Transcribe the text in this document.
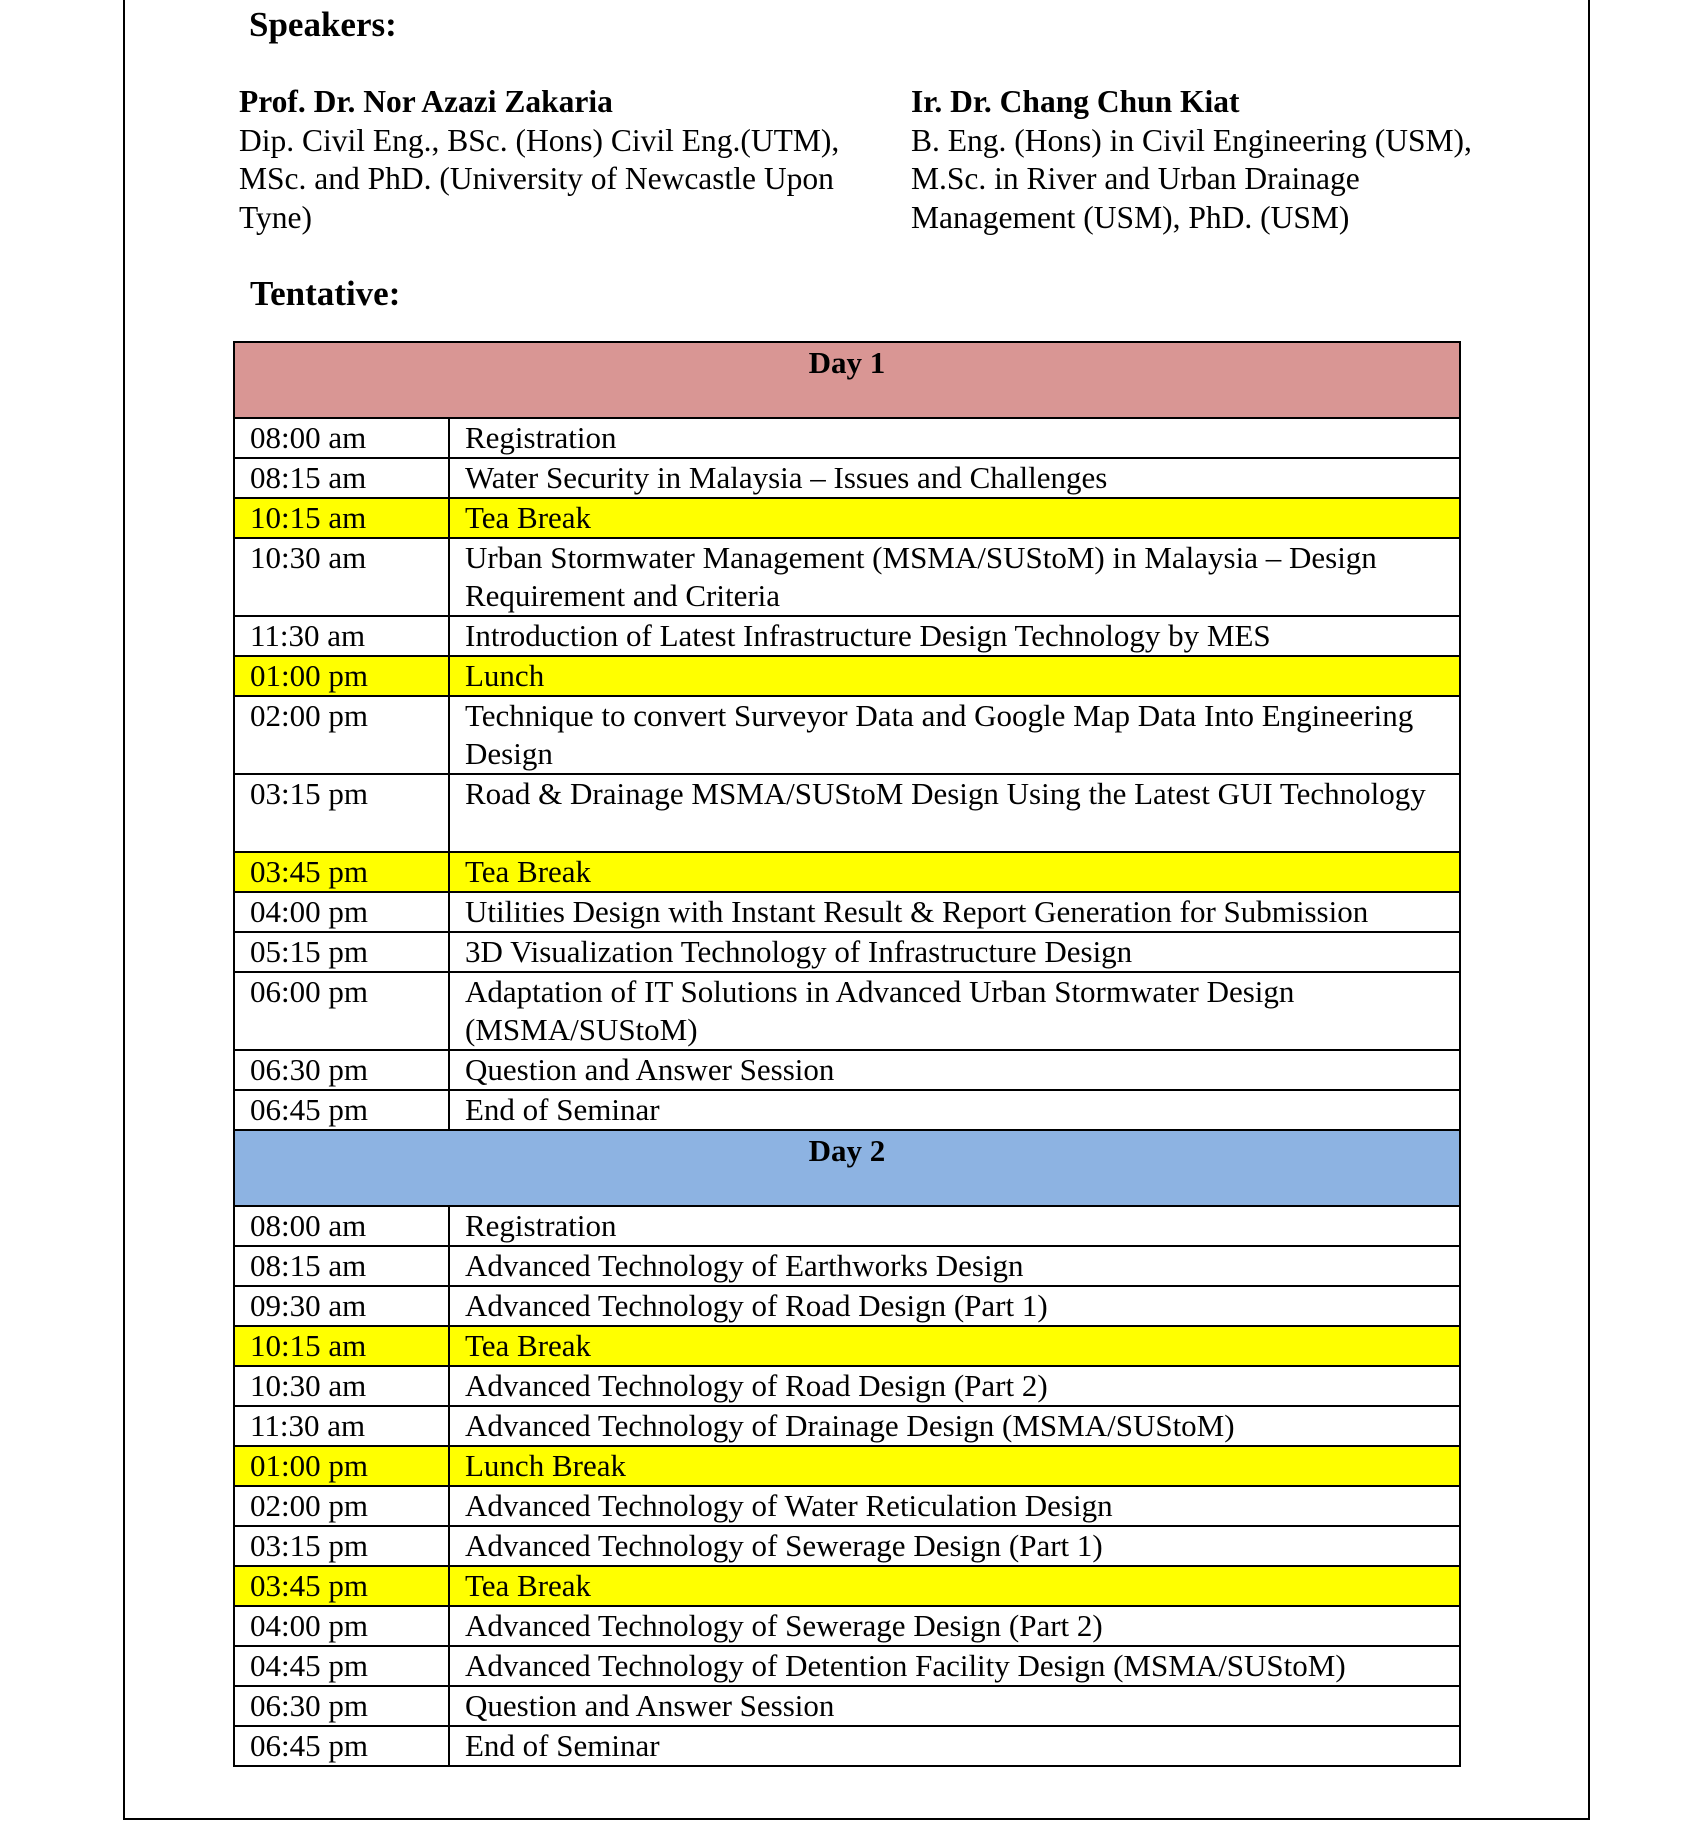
Speakers:
Prof. Dr. Nor Azazi Zakaria
Dip. Civil Eng., BSc. (Hons) Civil Eng.(UTM),
MSc. and PhD. (University of Newcastle Upon
Tyne)
Ir. Dr. Chang Chun Kiat
B. Eng. (Hons) in Civil Engineering (USM),
M.Sc. in River and Urban Drainage
Management (USM), PhD. (USM)
Tentative:
Day 1	

08:00 am	Registration
08:15 am	Water Security in Malaysia – Issues and Challenges
10:15 am	Tea Break
10:30 am	Urban Stormwater Management (MSMA/SUStoM) in Malaysia – Design Requirement and Criteria
11:30 am	Introduction of Latest Infrastructure Design Technology by MES
01:00 pm	Lunch
02:00 pm	Technique to convert Surveyor Data and Google Map Data Into Engineering Design
03:15 pm	Road & Drainage MSMA/SUStoM Design Using the Latest GUI Technology
03:45 pm	Tea Break
04:00 pm	Utilities Design with Instant Result & Report Generation for Submission
05:15 pm	3D Visualization Technology of Infrastructure Design
06:00 pm	Adaptation of IT Solutions in Advanced Urban Stormwater Design (MSMA/SUStoM)
06:30 pm	Question and Answer Session
06:45 pm	End of Seminar

Day 2	

08:00 am	Registration
08:15 am	Advanced Technology of Earthworks Design
09:30 am	Advanced Technology of Road Design (Part 1)
10:15 am	Tea Break
10:30 am	Advanced Technology of Road Design (Part 2)
11:30 am	Advanced Technology of Drainage Design (MSMA/SUStoM)
01:00 pm	Lunch Break
02:00 pm	Advanced Technology of Water Reticulation Design
03:15 pm	Advanced Technology of Sewerage Design (Part 1)
03:45 pm	Tea Break
04:00 pm	Advanced Technology of Sewerage Design (Part 2)
04:45 pm	Advanced Technology of Detention Facility Design (MSMA/SUStoM)
06:30 pm	Question and Answer Session
06:45 pm	End of Seminar
